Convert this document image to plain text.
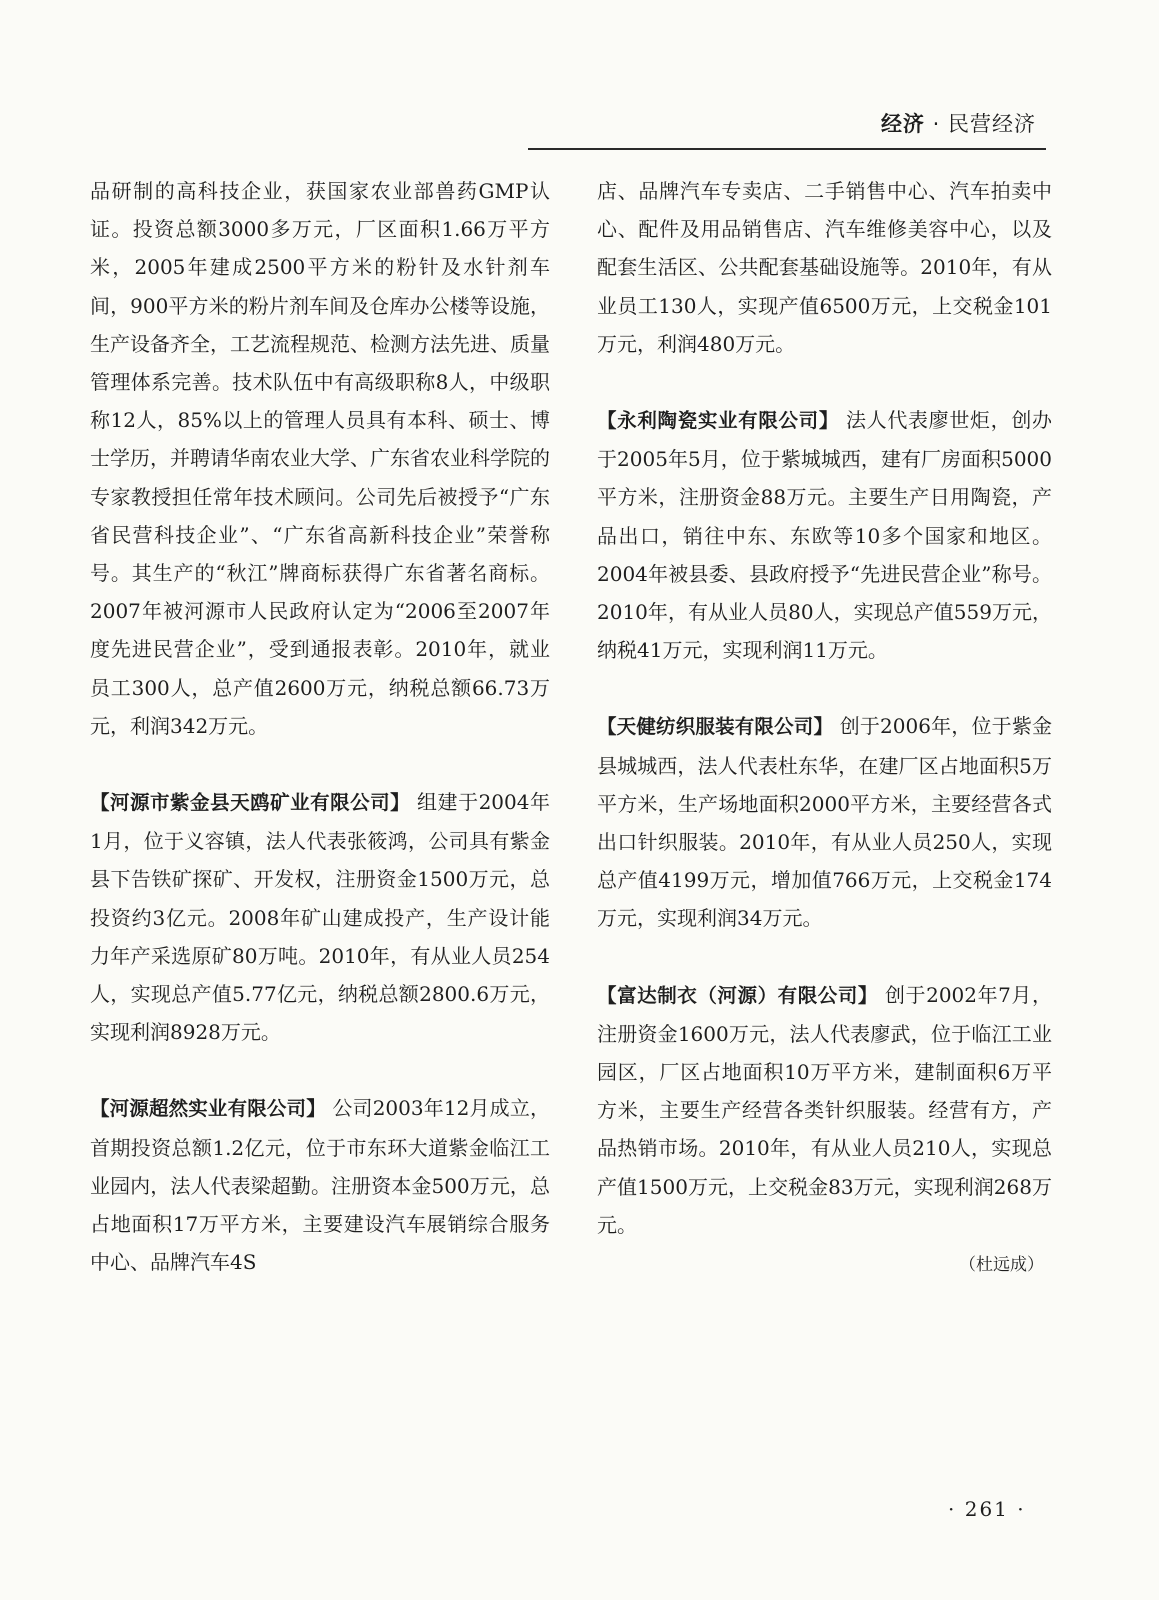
经济 · 民营经济

品研制的高科技企业，获国家农业部兽药GMP认证。投资总额3000多万元，厂区面积1.66万平方米，2005年建成2500平方米的粉针及水针剂车间，900平方米的粉片剂车间及仓库办公楼等设施，生产设备齐全，工艺流程规范、检测方法先进、质量管理体系完善。技术队伍中有高级职称8人，中级职称12人，85%以上的管理人员具有本科、硕士、博士学历，并聘请华南农业大学、广东省农业科学院的专家教授担任常年技术顾问。公司先后被授予“广东省民营科技企业”、“广东省高新科技企业”荣誉称号。其生产的“秋江”牌商标获得广东省著名商标。2007年被河源市人民政府认定为“2006至2007年度先进民营企业”，受到通报表彰。2010年，就业员工300人，总产值2600万元，纳税总额66.73万元，利润342万元。

【河源市紫金县天鸥矿业有限公司】 组建于2004年1月，位于义容镇，法人代表张筱鸿，公司具有紫金县下告铁矿探矿、开发权，注册资金1500万元，总投资约3亿元。2008年矿山建成投产，生产设计能力年产采选原矿80万吨。2010年，有从业人员254人，实现总产值5.77亿元，纳税总额2800.6万元，实现利润8928万元。

【河源超然实业有限公司】 公司2003年12月成立，首期投资总额1.2亿元，位于市东环大道紫金临江工业园内，法人代表梁超勤。注册资本金500万元，总占地面积17万平方米，主要建设汽车展销综合服务中心、品牌汽车4S

店、品牌汽车专卖店、二手销售中心、汽车拍卖中心、配件及用品销售店、汽车维修美容中心，以及配套生活区、公共配套基础设施等。2010年，有从业员工130人，实现产值6500万元，上交税金101万元，利润480万元。

【永利陶瓷实业有限公司】 法人代表廖世炬，创办于2005年5月，位于紫城城西，建有厂房面积5000平方米，注册资金88万元。主要生产日用陶瓷，产品出口，销往中东、东欧等10多个国家和地区。2004年被县委、县政府授予“先进民营企业”称号。2010年，有从业人员80人，实现总产值559万元，纳税41万元，实现利润11万元。

【天健纺织服装有限公司】 创于2006年，位于紫金县城城西，法人代表杜东华，在建厂区占地面积5万平方米，生产场地面积2000平方米，主要经营各式出口针织服装。2010年，有从业人员250人，实现总产值4199万元，增加值766万元，上交税金174万元，实现利润34万元。

【富达制衣（河源）有限公司】 创于2002年7月，注册资金1600万元，法人代表廖武，位于临江工业园区，厂区占地面积10万平方米，建制面积6万平方米，主要生产经营各类针织服装。经营有方，产品热销市场。2010年，有从业人员210人，实现总产值1500万元，上交税金83万元，实现利润268万元。

（杜远成）
· 261 ·
